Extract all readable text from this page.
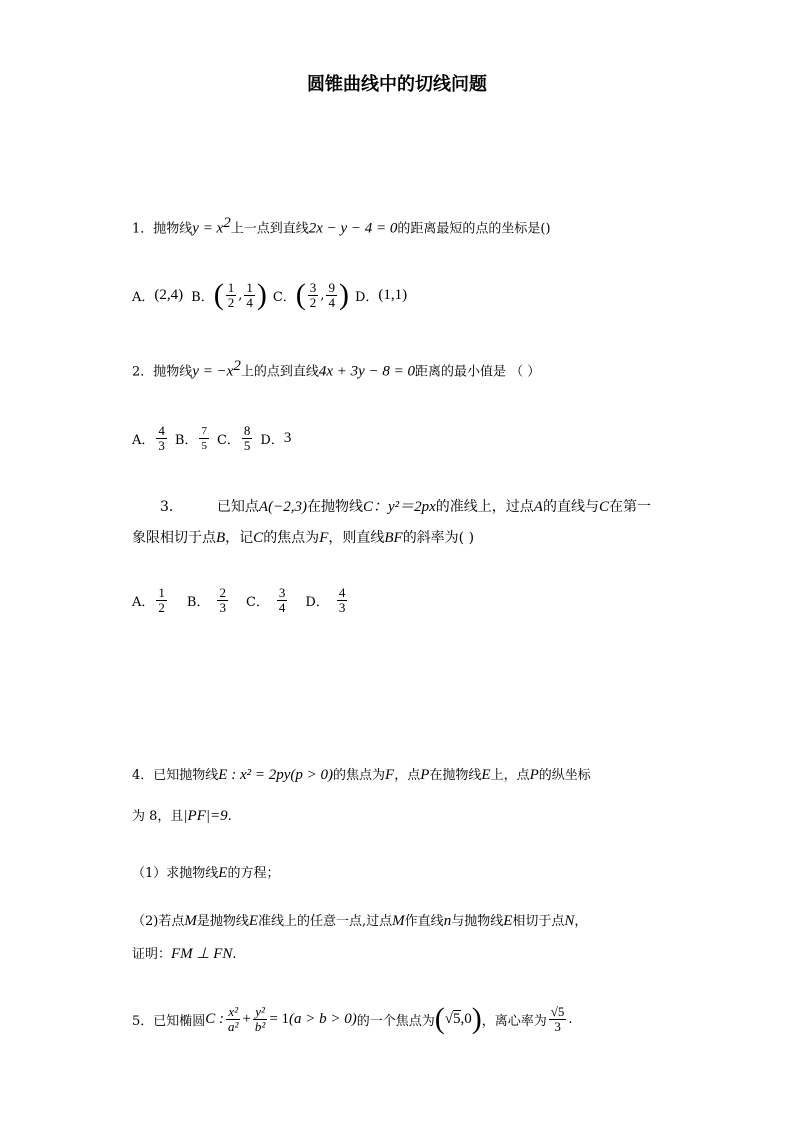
圆锥曲线中的切线问题
1．抛物线$y = x^2$上一点到直线2x − y − 4 = 0的距离最短的点的坐标是()
A． (2,4) B． ( $\frac{1}{2}$ , $\frac{1}{4}$ ) C． ( $\frac{3}{2}$ , $\frac{9}{4}$ ) D． (1,1)
2．抛物线$y = -x^2$上的点到直线4x + 3y − 8 = 0距离的最小值是 （ ）
A． $\frac{4}{3}$ B． $\frac{7}{5}$ C． $\frac{8}{5}$ D． 3
3． 已知点A(−2,3)在抛物线C：y²＝2px的准线上，过点A的直线与C在第一
象限相切于点B，记C的焦点为F，则直线BF的斜率为( )
A． $\frac{1}{2}$ B． $\frac{2}{3}$ C． $\frac{3}{4}$ D． $\frac{4}{3}$
4．已知抛物线E : x² = 2py(p > 0)的焦点为F，点P在抛物线E上，点P的纵坐标
为 8，且|PF|=9.
（1）求抛物线E的方程；
（2)若点M是抛物线E准线上的任意一点,过点M作直线n与抛物线E相切于点N，
证明：FM ⊥ FN.
5．已知椭圆 C : $\frac{\text{x²}}{\text{a²}} + \frac{\text{y²}}{\text{b²}} = 1$ (a > b > 0) 的一个焦点为 ( √5,0 ) ，离心率为 $\frac{√5}{3}$ .
